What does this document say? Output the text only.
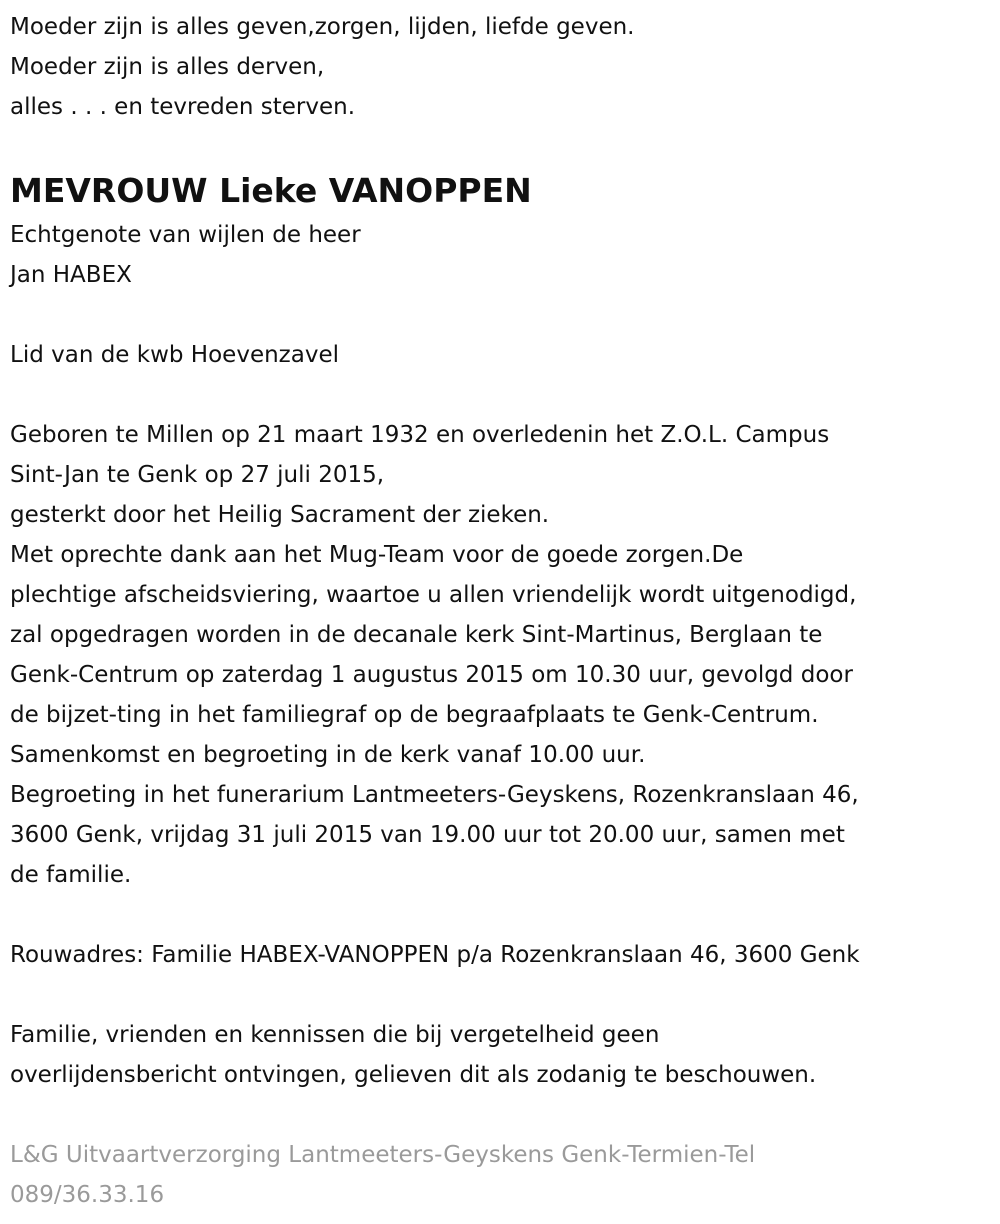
Moeder zijn is alles geven,zorgen, lijden, liefde geven.
Moeder zijn is alles derven,
alles . . . en tevreden sterven.
MEVROUW Lieke VANOPPEN
Echtgenote van wijlen de heer
Jan HABEX
Lid van de kwb Hoevenzavel
Geboren te Millen op 21 maart 1932 en overledenin het Z.O.L. Campus
Sint-Jan te Genk op 27 juli 2015,
gesterkt door het Heilig Sacrament der zieken.
Met oprechte dank aan het Mug-Team voor de goede zorgen.De
plechtige afscheidsviering, waartoe u allen vriendelijk wordt uitgenodigd,
zal opgedragen worden in de decanale kerk Sint-Martinus, Berglaan te
Genk-Centrum op zaterdag 1 augustus 2015 om 10.30 uur, gevolgd door
de bijzet-ting in het familiegraf op de begraafplaats te Genk-Centrum.
Samenkomst en begroeting in de kerk vanaf 10.00 uur.
Begroeting in het funerarium Lantmeeters-Geyskens, Rozenkranslaan 46,
3600 Genk, vrijdag 31 juli 2015 van 19.00 uur tot 20.00 uur, samen met
de familie.
Rouwadres: Familie HABEX-VANOPPEN p/a Rozenkranslaan 46, 3600 Genk
Familie, vrienden en kennissen die bij vergetelheid geen
overlijdensbericht ontvingen, gelieven dit als zodanig te beschouwen.
L&G Uitvaartverzorging Lantmeeters-Geyskens Genk-Termien-Tel
089/36.33.16
